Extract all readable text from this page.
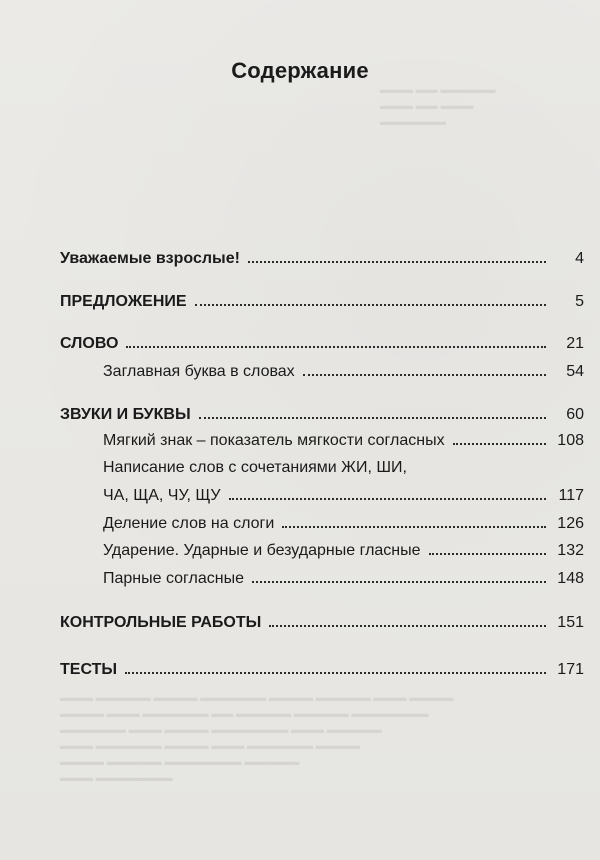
▬▬▬ ▬▬ ▬▬▬▬▬
▬▬▬ ▬▬ ▬▬▬
▬▬▬▬▬▬
▬▬▬ ▬▬▬▬▬ ▬▬▬▬ ▬▬▬▬▬▬ ▬▬▬▬ ▬▬▬▬▬ ▬▬▬ ▬▬▬▬
▬▬▬▬ ▬▬▬ ▬▬▬▬▬▬ ▬▬ ▬▬▬▬▬ ▬▬▬▬▬ ▬▬▬▬▬▬▬
▬▬▬▬▬▬ ▬▬▬ ▬▬▬▬ ▬▬▬▬▬▬▬ ▬▬▬ ▬▬▬▬▬
▬▬▬ ▬▬▬▬▬▬ ▬▬▬▬ ▬▬▬ ▬▬▬▬▬▬ ▬▬▬▬
▬▬▬▬ ▬▬▬▬▬ ▬▬▬▬▬▬▬ ▬▬▬▬▬
▬▬▬ ▬▬▬▬▬▬▬
Содержание
Уважаемые взрослые!	4
ПРЕДЛОЖЕНИЕ	5
СЛОВО	21
Заглавная буква в словах	54
ЗВУКИ И БУКВЫ	60
Мягкий знак – показатель мягкости согласных	108
Написание слов с сочетаниями ЖИ, ШИ,
ЧА, ЩА, ЧУ, ЩУ	117
Деление слов на слоги	126
Ударение. Ударные и безударные гласные	132
Парные согласные	148
КОНТРОЛЬНЫЕ РАБОТЫ	151
ТЕСТЫ	171
